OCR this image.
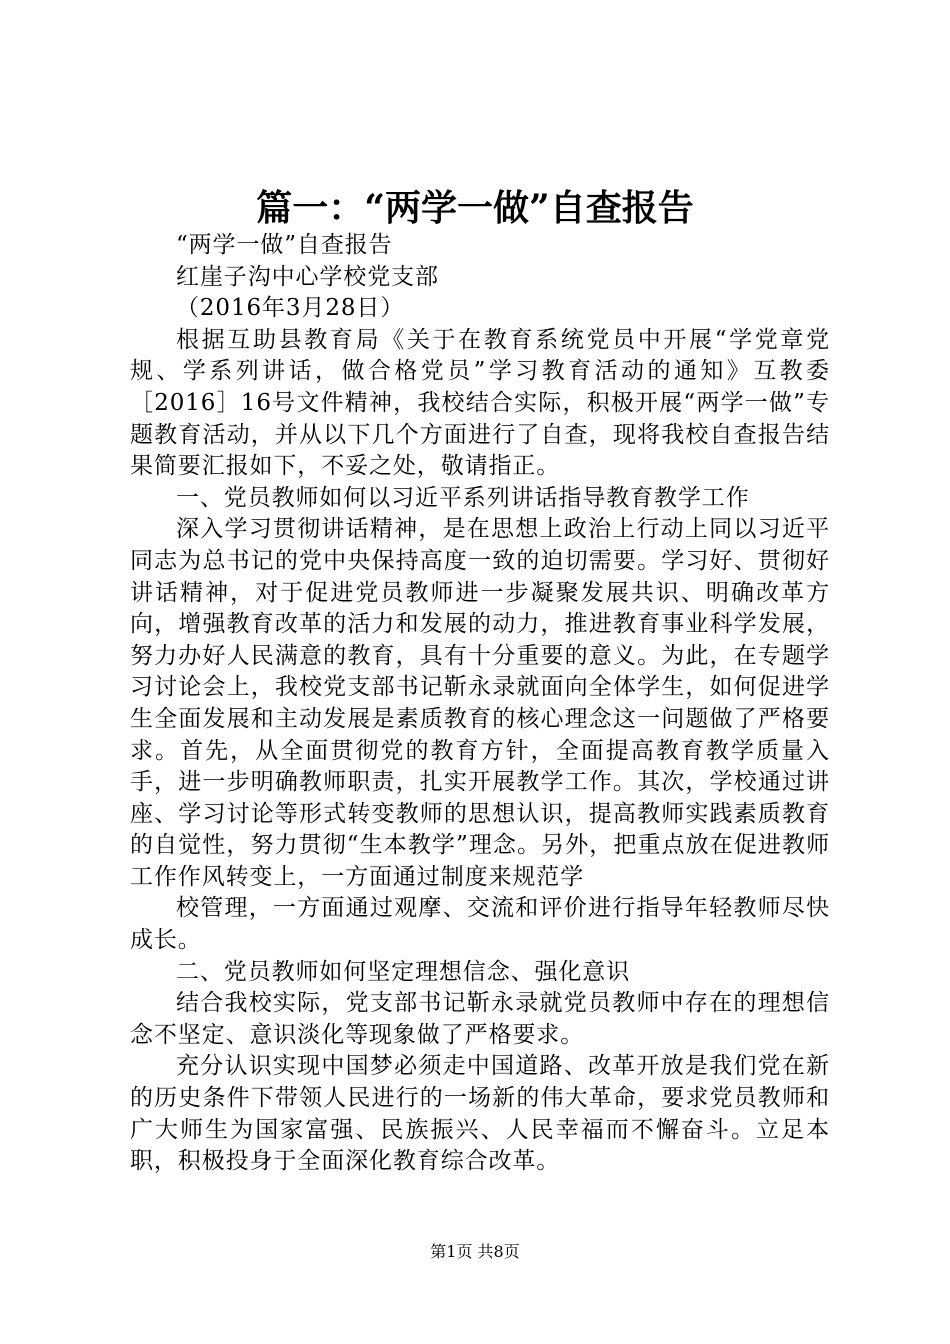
篇一：“两学一做”自查报告

“两学一做”自查报告

红崖子沟中心学校党支部

（2016年3月28日）

根据互助县教育局《关于在教育系统党员中开展“学党章党规、学系列讲话，做合格党员”学习教育活动的通知》互教委［2016］16号文件精神，我校结合实际，积极开展“两学一做”专题教育活动，并从以下几个方面进行了自查，现将我校自查报告结果简要汇报如下，不妥之处，敬请指正。

一、党员教师如何以习近平系列讲话指导教育教学工作

深入学习贯彻讲话精神，是在思想上政治上行动上同以习近平同志为总书记的党中央保持高度一致的迫切需要。学习好、贯彻好讲话精神，对于促进党员教师进一步凝聚发展共识、明确改革方向，增强教育改革的活力和发展的动力，推进教育事业科学发展，努力办好人民满意的教育，具有十分重要的意义。为此，在专题学习讨论会上，我校党支部书记靳永录就面向全体学生，如何促进学生全面发展和主动发展是素质教育的核心理念这一问题做了严格要求。首先，从全面贯彻党的教育方针，全面提高教育教学质量入手，进一步明确教师职责，扎实开展教学工作。其次，学校通过讲座、学习讨论等形式转变教师的思想认识，提高教师实践素质教育的自觉性，努力贯彻“生本教学”理念。另外，把重点放在促进教师工作作风转变上，一方面通过制度来规范学

校管理，一方面通过观摩、交流和评价进行指导年轻教师尽快成长。

二、党员教师如何坚定理想信念、强化意识

结合我校实际，党支部书记靳永录就党员教师中存在的理想信念不坚定、意识淡化等现象做了严格要求。

充分认识实现中国梦必须走中国道路、改革开放是我们党在新的历史条件下带领人民进行的一场新的伟大革命，要求党员教师和广大师生为国家富强、民族振兴、人民幸福而不懈奋斗。立足本职，积极投身于全面深化教育综合改革。

第1页 共8页
